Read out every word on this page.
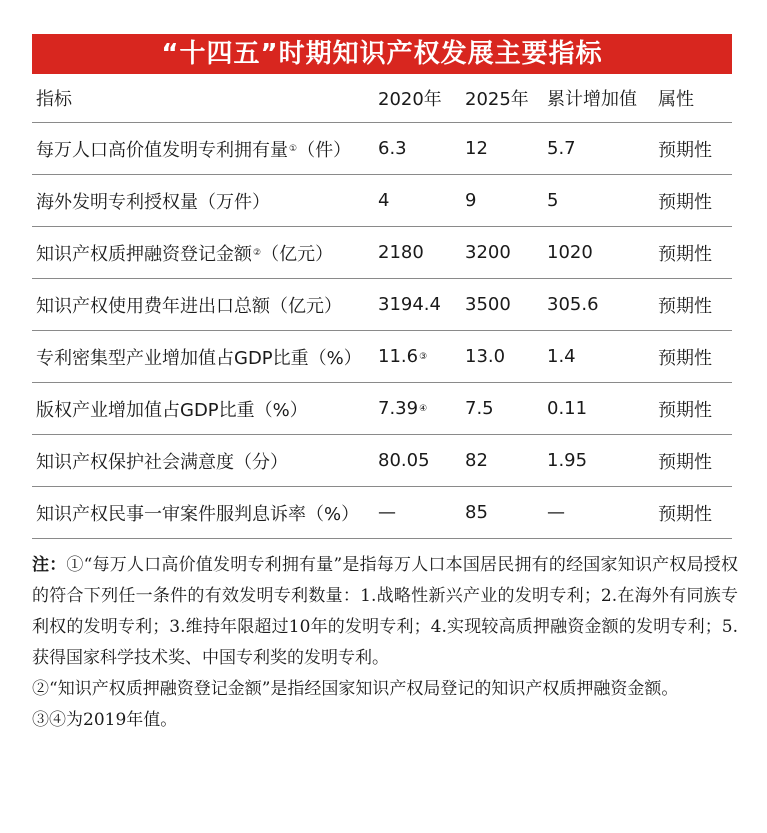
“十四五”时期知识产权发展主要指标
指标	2020年 2025年 累计增加值 属性
每万人口高价值发明专利拥有量 ① （件） 6.3	12	5.7	预期性
海外发明专利授权量（万件）	4	9	5	预期性
知识产权质押融资登记金额 ② （亿元） 2180 3200 1020	预期性
知识产权使用费年进出口总额（亿元） 3194.4 3500 305.6	预期性
专利密集型产业增加值占GDP比重（%） 11.6 ③ 13.0 1.4	预期性
版权产业增加值占GDP比重（%）	7.39 ④ 7.5	0.11	预期性
知识产权保护社会满意度（分）	80.05 82	1.95	预期性
知识产权民事一审案件服判息诉率（%） —	85	—	预期性

注：①“每万人口高价值发明专利拥有量”是指每万人口本国居民拥有的经国家知识产权局授权的符合下列任一条件的有效发明专利数量：1.战略性新兴产业的发明专利；2.在海外有同族专利权的发明专利；3.维持年限超过10年的发明专利；4.实现较高质押融资金额的发明专利；5.获得国家科学技术奖、中国专利奖的发明专利。

②“知识产权质押融资登记金额”是指经国家知识产权局登记的知识产权质押融资金额。

③④为2019年值。
